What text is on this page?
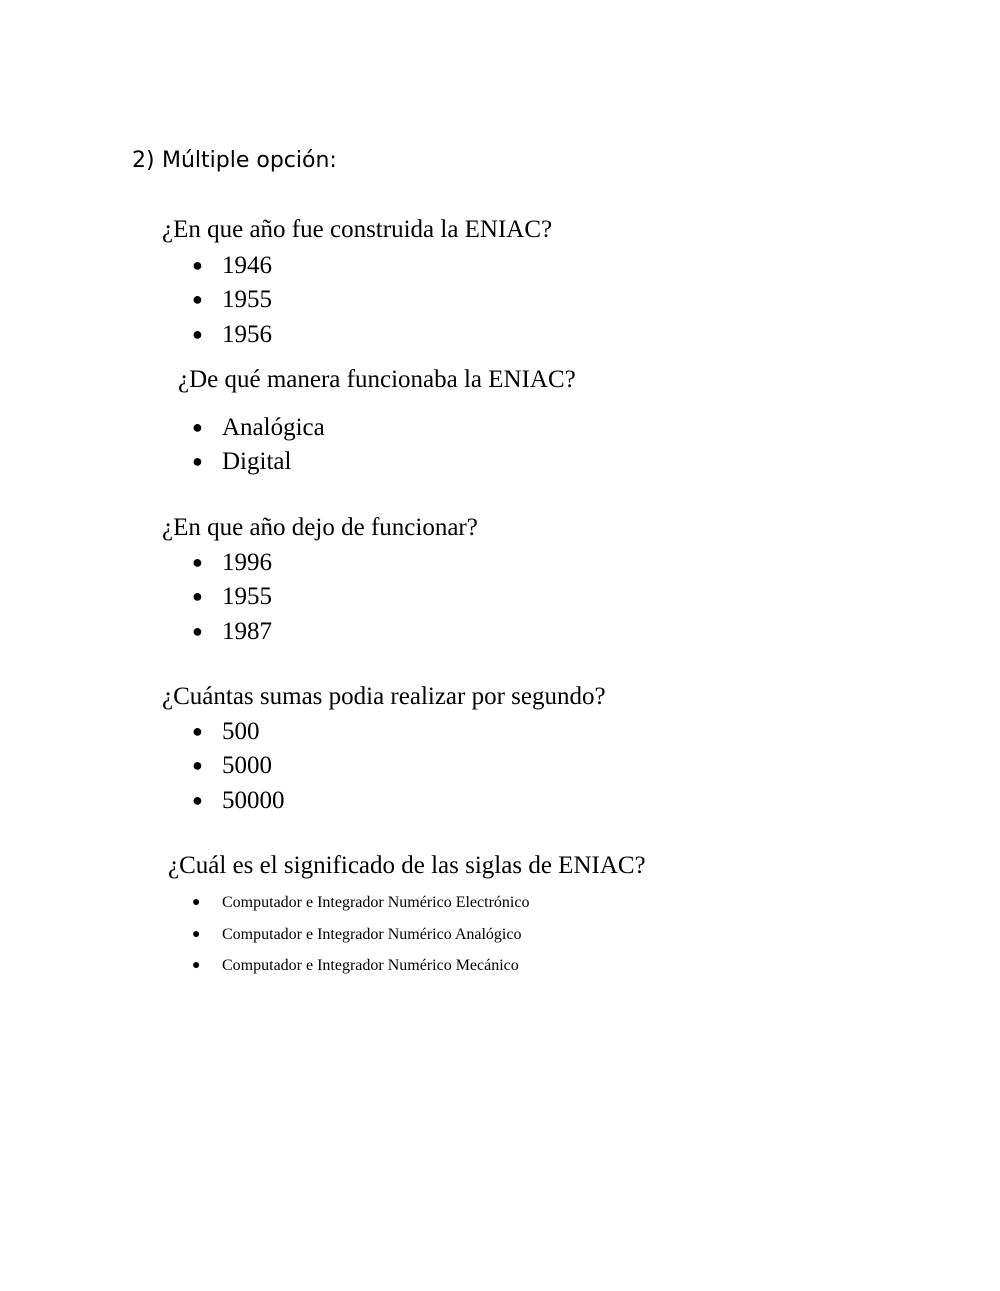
2) Múltiple opción:
¿En que año fue construida la ENIAC?
● 1946
● 1955
● 1956
¿De qué manera funcionaba la ENIAC?
● Analógica
● Digital
¿En que año dejo de funcionar?
● 1996
● 1955
● 1987
¿Cuántas sumas podia realizar por segundo?
● 500
● 5000
● 50000
¿Cuál es el significado de las siglas de ENIAC?
● Computador e Integrador Numérico Electrónico
● Computador e Integrador Numérico Analógico
● Computador e Integrador Numérico Mecánico
